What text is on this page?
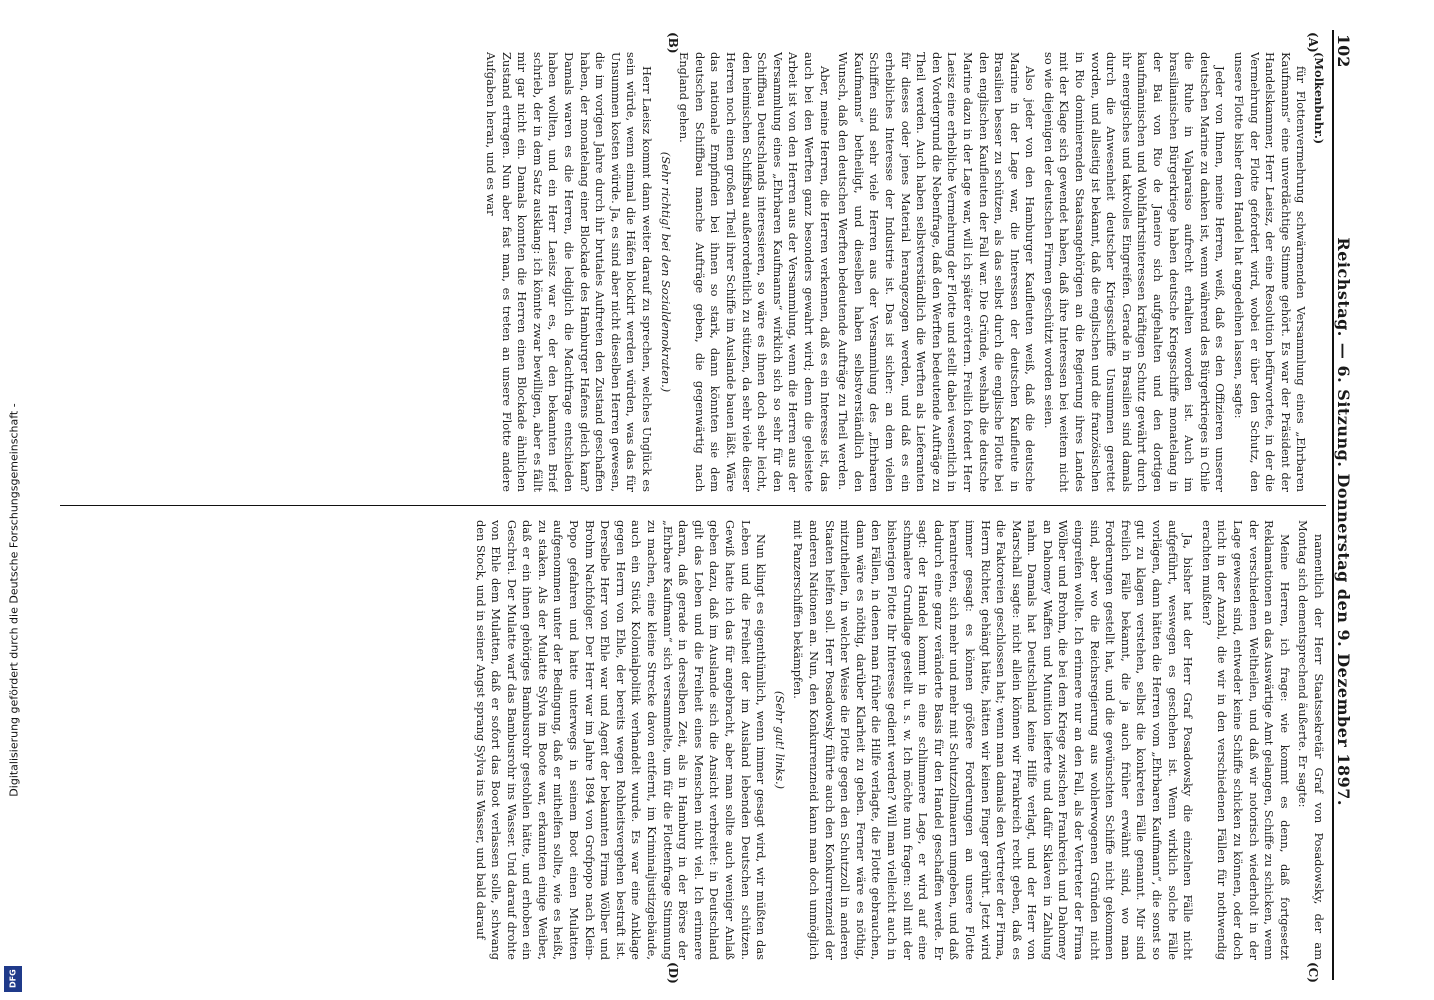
Digitalisierung gefördert durch die Deutsche Forschungsgemeinschaft -
DFG
102
Reichstag. — 6. Sitzung. Donnerstag den 9. Dezember 1897.
(A)
(B)
(C)
(D)
(Molkenbuhr.)

für Flottenvermehrung schwärmenden Versammlung eines „Ehrbaren Kaufmanns“ eine unverdächtige Stimme gehört. Es war der Präsident der Handelskammer, Herr Laeisz, der eine Resolution befürwortete, in der die Vermehrung der Flotte gefordert wird, wobei er über den Schutz, den unsere Flotte bisher dem Handel hat angedeihen lassen, sagte:

Jeder von Ihnen, meine Herren, weiß, daß es den Offizieren unserer deutschen Marine zu danken ist, wenn während des Bürgerkrieges in Chile die Ruhe in Valparaiso aufrecht erhalten worden ist. Auch im brasilianischen Bürgerkriege haben deutsche Kriegsschiffe monatelang in der Bai von Rio de Janeiro sich aufgehalten und den dortigen kaufmännischen und Wohlfahrtsinteressen kräftigen Schutz gewährt durch ihr energisches und taktvolles Eingreifen. Gerade in Brasilien sind damals durch die Anwesenheit deutscher Kriegsschiffe Unsummen gerettet worden, und allseitig ist bekannt, daß die englischen und die französischen in Rio dominierenden Staatsangehörigen an die Regierung ihres Landes mit der Klage sich gewendet haben, daß ihre Interessen bei weitem nicht so wie diejenigen der deutschen Firmen geschützt worden seien.

Also jeder von den Hamburger Kaufleuten weiß, daß die deutsche Marine in der Lage war, die Interessen der deutschen Kaufleute in Brasilien besser zu schützen, als das selbst durch die englische Flotte bei den englischen Kaufleuten der Fall war. Die Gründe, weshalb die deutsche Marine dazu in der Lage war, will ich später erörtern. Freilich fordert Herr Laeisz eine erhebliche Vermehrung der Flotte und stellt dabei wesentlich in den Vordergrund die Nebenfrage, daß den Werften bedeutende Aufträge zu Theil werden. Auch haben selbstverständlich die Werften als Lieferanten für dieses oder jenes Material herangezogen werden, und daß es ein erhebliches Interesse der Industrie ist. Das ist sicher: an dem vielen Schiffen sind sehr viele Herren aus der Versammlung des „Ehrbaren Kaufmanns“ betheiligt, und dieselben haben selbstverständlich den Wunsch, daß den deutschen Werften bedeutende Aufträge zu Theil werden.

Aber, meine Herren, die Herren verkennen, daß es ein Interesse ist, das auch bei den Werften ganz besonders gewahrt wird; denn die geleistete Arbeit ist von den Herren aus der Versammlung, wenn die Herren aus der Versammlung eines „Ehrbaren Kaufmanns“ wirklich sich so sehr für den Schiffbau Deutschlands interessieren, so wäre es ihnen doch sehr leicht, den heimischen Schiffsbau außerordentlich zu stützen, da sehr viele dieser Herren noch einen großen Theil ihrer Schiffe im Auslande bauen läßt. Wäre das nationale Empfinden bei ihnen so stark, dann könnten sie dem deutschen Schiffbau manche Aufträge geben, die gegenwärtig nach England gehen.

(Sehr richtig! bei den Sozialdemokraten.)

Herr Laeisz kommt dann weiter darauf zu sprechen, welches Unglück es sein würde, wenn einmal die Häfen blockirt werden würden, was das für Unsummen kosten würde. Ja, es sind aber nicht dieselben Herren gewesen, die im vorigen Jahre durch ihr brutales Auftreten den Zustand geschaffen haben, der monatelang einer Blockade des Hamburger Hafens gleich kam? Damals waren es die Herren, die lediglich die Machtfrage entschieden haben wollten, und ein Herr Laeisz war es, der den bekannten Brief schrieb, der in dem Satz ausklang: ich könnte zwar bewilligen, aber es fällt mir gar nicht ein. Damals konnten die Herren einen Blockade ähnlichen Zustand ertragen. Nun aber fast man, es treten an unsere Flotte andere Aufgaben heran, und es war

namentlich der Herr Staatssekretär Graf von Posadowsky, der am Montag sich dementsprechend äußerte. Er sagte:

Meine Herren, ich frage: wie kommt es denn, daß fortgesetzt Reklamationen an das Auswärtige Amt gelangen, Schiffe zu schicken, wenn der verschiedenen Weltheilen, und daß wir notorisch wiederholt in der Lage gewesen sind, entweder keine Schiffe schicken zu können, oder doch nicht in der Anzahl, die wir in den verschiedenen Fällen für nothwendig erachten mußten?

Ja, bisher hat der Herr Graf Posadowsky die einzelnen Fälle nicht aufgeführt, weswegen es geschehen ist. Wenn wirklich solche Fälle vorlägen, dann hätten die Herren vom „Ehrbaren Kaufmann“, die sonst so gut zu klagen verstehen, selbst die konkreten Fälle genannt. Mir sind freilich Fälle bekannt, die ja auch früher erwähnt sind, wo man Forderungen gestellt hat, und die gewünschten Schiffe nicht gekommen sind, aber wo die Reichsregierung aus wohlerwogenen Gründen nicht eingreifen wollte. Ich erinnere nur an den Fall, als der Vertreter der Firma Wölber und Brohm, die bei dem Kriege zwischen Frankreich und Dahomey an Dahomey Waffen und Munition lieferte und dafür Sklaven in Zahlung nahm. Damals hat Deutschland keine Hilfe verlagt, und der Herr von Marschall sagte: nicht allein können wir Frankreich recht geben, daß es die Faktoreien geschlossen hat; wenn man damals den Vertreter der Firma, Herrn Richter, gehängt hätte, hätten wir keinen Finger gerührt. Jetzt wird immer gesagt: es können größere Forderungen an unsere Flotte herantreten, sich mehr und mehr mit Schutzzollmauern umgeben, und daß dadurch eine ganz veränderte Basis für den Handel geschaffen werde. Er sagt: der Handel kommt in eine schlimmere Lage, er wird auf eine schmalere Grundlage gestellt u. s. w. Ich möchte nun fragen: soll mit der bisherigen Flotte Ihr Interesse gedient werden? Will man vielleicht auch in den Fällen, in denen man früher die Hilfe verlagte, die Flotte gebrauchen, dann wäre es nöthig, darüber Klarheit zu geben. Ferner wäre es nöthig, mitzutheilen, in welcher Weise die Flotte gegen den Schutzzoll in anderen Staaten helfen soll. Herr Posadowsky führte auch den Konkurrenzneid der anderen Nationen an. Nun, den Konkurrenzneid kann man doch unmöglich mit Panzerschiffen bekämpfen.

(Sehr gut! links.)

Nun klingt es eigenthümlich, wenn immer gesagt wird, wir müßten das Leben und die Freiheit der im Ausland lebenden Deutschen schützen. Gewiß hatte ich das für angebracht, aber man sollte auch weniger Anlaß geben dazu, daß im Auslande sich die Ansicht verbreitet: in Deutschland gilt das Leben und die Freiheit eines Menschen nicht viel. Ich erinnere daran, daß gerade in derselben Zeit, als in Hamburg in der Börse der „Ehrbare Kaufmann“ sich versammelte, um für die Flottenfrage Stimmung zu machen, eine kleine Strecke davon entfernt, im Kriminaljustizgebäude, auch ein Stück Kolonialpolitik verhandelt wurde. Es war eine Anklage gegen Herrn von Ehle, der bereits wegen Rohheitsvergehen bestraft ist. Derselbe Herr von Ehle war und Agent der bekannten Firma Wölber und Brohm Nachfolger. Der Herr war im Jahre 1894 von Grofpopo nach Klein-Popo gefahren und hatte unterwegs in seinem Boot einen Mulatten aufgenommen unter der Bedingung, daß er mithelfen sollte, wie es heißt, zu staken. Als der Mulatte Sylva im Boote war, erkannten einige Weiber, daß er ein ihnen gehöriges Bambusrohr gestohlen hätte, und erhoben ein Geschrei. Der Mulatte warf das Bambusrohr ins Wasser. Und darauf drohte von Ehle dem Mulatten, daß er sofort das Boot verlassen solle, schwang den Stock, und in seiner Angst sprang Sylva ins Wasser, und bald darauf
